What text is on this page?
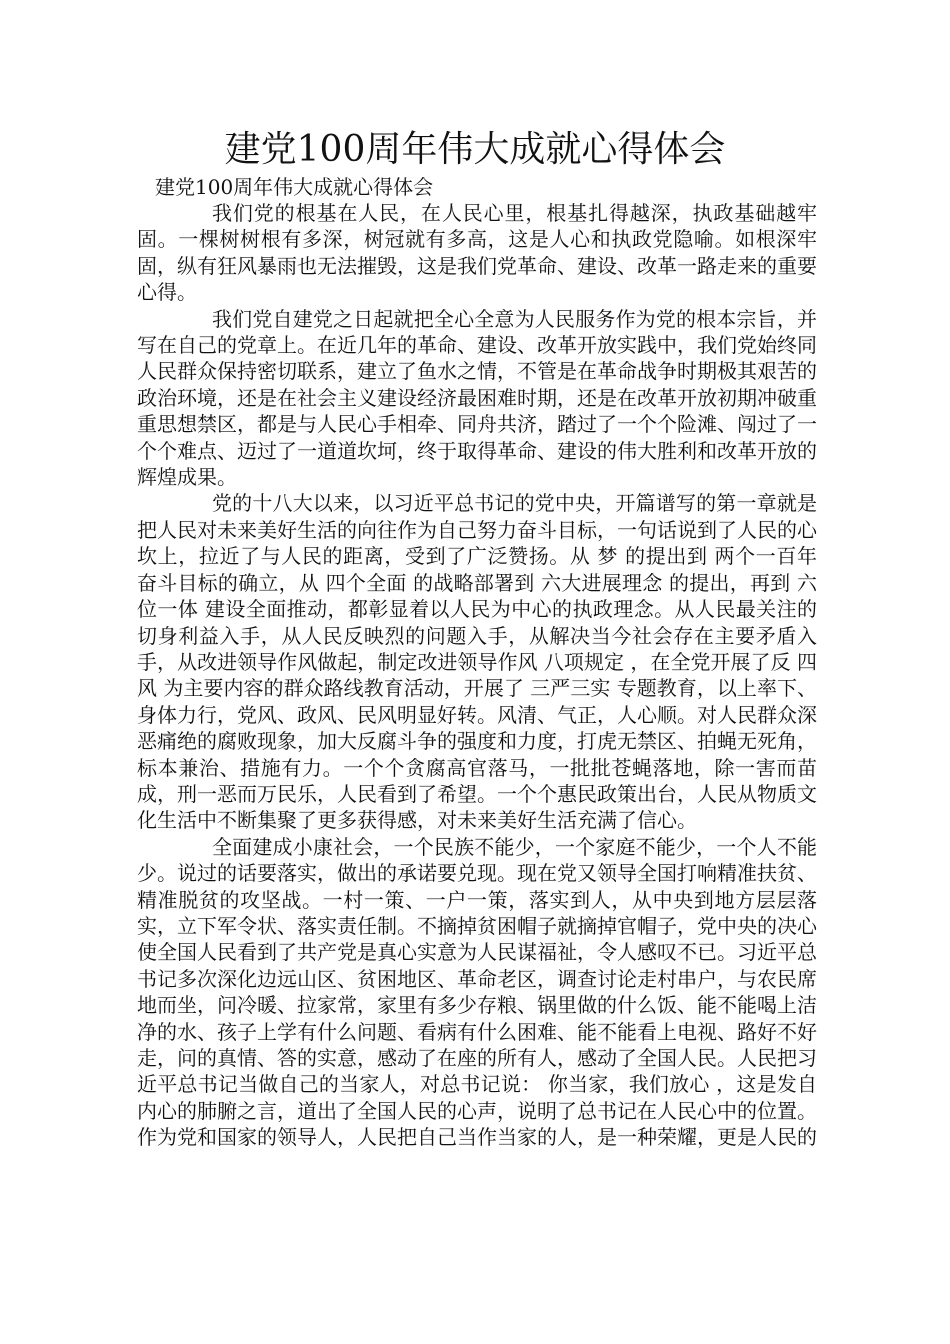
建党100周年伟大成就心得体会

建党100周年伟大成就心得体会

我们党的根基在人民，在人民心里，根基扎得越深，执政基础越牢固。一棵树树根有多深，树冠就有多高，这是人心和执政党隐喻。如根深牢固，纵有狂风暴雨也无法摧毁，这是我们党革命、建设、改革一路走来的重要心得。

我们党自建党之日起就把全心全意为人民服务作为党的根本宗旨，并写在自己的党章上。在近几年的革命、建设、改革开放实践中，我们党始终同人民群众保持密切联系，建立了鱼水之情，不管是在革命战争时期极其艰苦的政治环境，还是在社会主义建设经济最困难时期，还是在改革开放初期冲破重重思想禁区，都是与人民心手相牵、同舟共济，踏过了一个个险滩、闯过了一个个难点、迈过了一道道坎坷，终于取得革命、建设的伟大胜利和改革开放的辉煌成果。

党的十八大以来，以习近平总书记的党中央，开篇谱写的第一章就是把人民对未来美好生活的向往作为自己努力奋斗目标，一句话说到了人民的心坎上，拉近了与人民的距离，受到了广泛赞扬。从 梦 的提出到 两个一百年 奋斗目标的确立，从 四个全面 的战略部署到 六大进展理念 的提出，再到 六位一体 建设全面推动，都彰显着以人民为中心的执政理念。从人民最关注的切身利益入手，从人民反映烈的问题入手，从解决当今社会存在主要矛盾入手，从改进领导作风做起，制定改进领导作风 八项规定 ，在全党开展了反 四风 为主要内容的群众路线教育活动，开展了 三严三实 专题教育，以上率下、身体力行，党风、政风、民风明显好转。风清、气正，人心顺。对人民群众深恶痛绝的腐败现象，加大反腐斗争的强度和力度，打虎无禁区、拍蝇无死角，标本兼治、措施有力。一个个贪腐高官落马，一批批苍蝇落地，除一害而苗成，刑一恶而万民乐，人民看到了希望。一个个惠民政策出台，人民从物质文化生活中不断集聚了更多获得感，对未来美好生活充满了信心。

全面建成小康社会，一个民族不能少，一个家庭不能少，一个人不能少。说过的话要落实，做出的承诺要兑现。现在党又领导全国打响精准扶贫、精准脱贫的攻坚战。一村一策、一户一策，落实到人，从中央到地方层层落实，立下军令状、落实责任制。不摘掉贫困帽子就摘掉官帽子，党中央的决心使全国人民看到了共产党是真心实意为人民谋福祉，令人感叹不已。习近平总书记多次深化边远山区、贫困地区、革命老区，调查讨论走村串户，与农民席地而坐，问冷暖、拉家常，家里有多少存粮、锅里做的什么饭、能不能喝上洁净的水、孩子上学有什么问题、看病有什么困难、能不能看上电视、路好不好走，问的真情、答的实意，感动了在座的所有人，感动了全国人民。人民把习近平总书记当做自己的当家人，对总书记说： 你当家，我们放心 ，这是发自内心的肺腑之言，道出了全国人民的心声，说明了总书记在人民心中的位置。作为党和国家的领导人，人民把自己当作当家的人，是一种荣耀，更是人民的
